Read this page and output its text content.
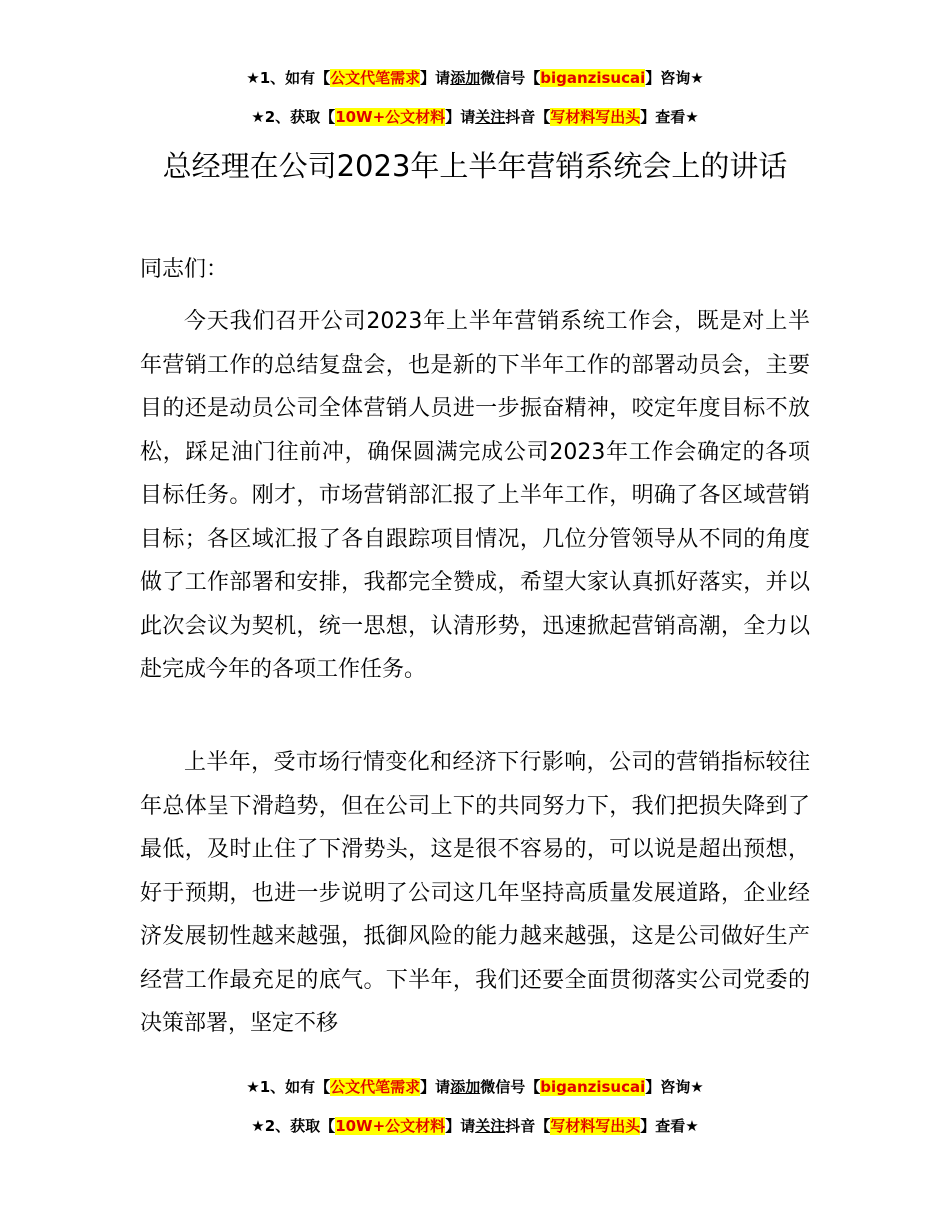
★1、如有【公文代笔需求】请添加微信号【biganzisucai】咨询★
★2、获取【10W+公文材料】请关注抖音【写材料写出头】查看★
总经理在公司2023年上半年营销系统会上的讲话
同志们：

今天我们召开公司2023年上半年营销系统工作会，既是对上半年营销工作的总结复盘会，也是新的下半年工作的部署动员会，主要目的还是动员公司全体营销人员进一步振奋精神，咬定年度目标不放松，踩足油门往前冲，确保圆满完成公司2023年工作会确定的各项目标任务。刚才，市场营销部汇报了上半年工作，明确了各区域营销目标；各区域汇报了各自跟踪项目情况，几位分管领导从不同的角度做了工作部署和安排，我都完全赞成，希望大家认真抓好落实，并以此次会议为契机，统一思想，认清形势，迅速掀起营销高潮，全力以赴完成今年的各项工作任务。

上半年，受市场行情变化和经济下行影响，公司的营销指标较往年总体呈下滑趋势，但在公司上下的共同努力下，我们把损失降到了最低，及时止住了下滑势头，这是很不容易的，可以说是超出预想，好于预期，也进一步说明了公司这几年坚持高质量发展道路，企业经济发展韧性越来越强，抵御风险的能力越来越强，这是公司做好生产经营工作最充足的底气。下半年，我们还要全面贯彻落实公司党委的决策部署，坚定不移

★1、如有【公文代笔需求】请添加微信号【biganzisucai】咨询★
★2、获取【10W+公文材料】请关注抖音【写材料写出头】查看★
